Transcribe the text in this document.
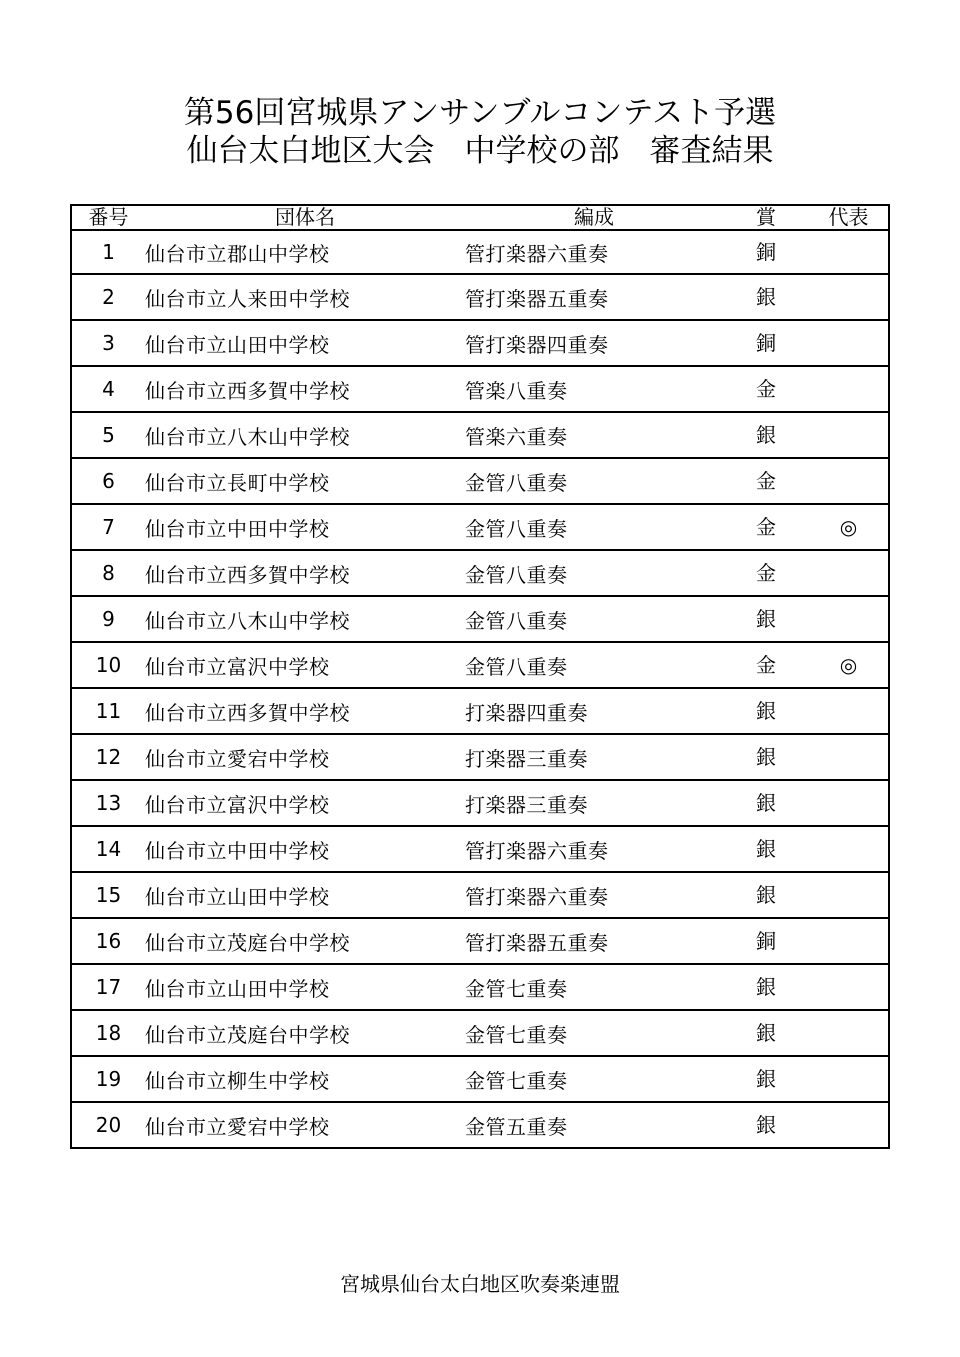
第56回宮城県アンサンブルコンテスト予選
仙台太白地区大会 中学校の部 審査結果
番号	団体名	編成	賞	代表
1	仙台市立郡山中学校	管打楽器六重奏	銅	
2	仙台市立人来田中学校	管打楽器五重奏	銀	
3	仙台市立山田中学校	管打楽器四重奏	銅	
4	仙台市立西多賀中学校	管楽八重奏	金	
5	仙台市立八木山中学校	管楽六重奏	銀	
6	仙台市立長町中学校	金管八重奏	金	
7	仙台市立中田中学校	金管八重奏	金	◎
8	仙台市立西多賀中学校	金管八重奏	金	
9	仙台市立八木山中学校	金管八重奏	銀	
10	仙台市立富沢中学校	金管八重奏	金	◎
11	仙台市立西多賀中学校	打楽器四重奏	銀	
12	仙台市立愛宕中学校	打楽器三重奏	銀	
13	仙台市立富沢中学校	打楽器三重奏	銀	
14	仙台市立中田中学校	管打楽器六重奏	銀	
15	仙台市立山田中学校	管打楽器六重奏	銀	
16	仙台市立茂庭台中学校	管打楽器五重奏	銅	
17	仙台市立山田中学校	金管七重奏	銀	
18	仙台市立茂庭台中学校	金管七重奏	銀	
19	仙台市立柳生中学校	金管七重奏	銀	
20	仙台市立愛宕中学校	金管五重奏	銀	
宮城県仙台太白地区吹奏楽連盟
